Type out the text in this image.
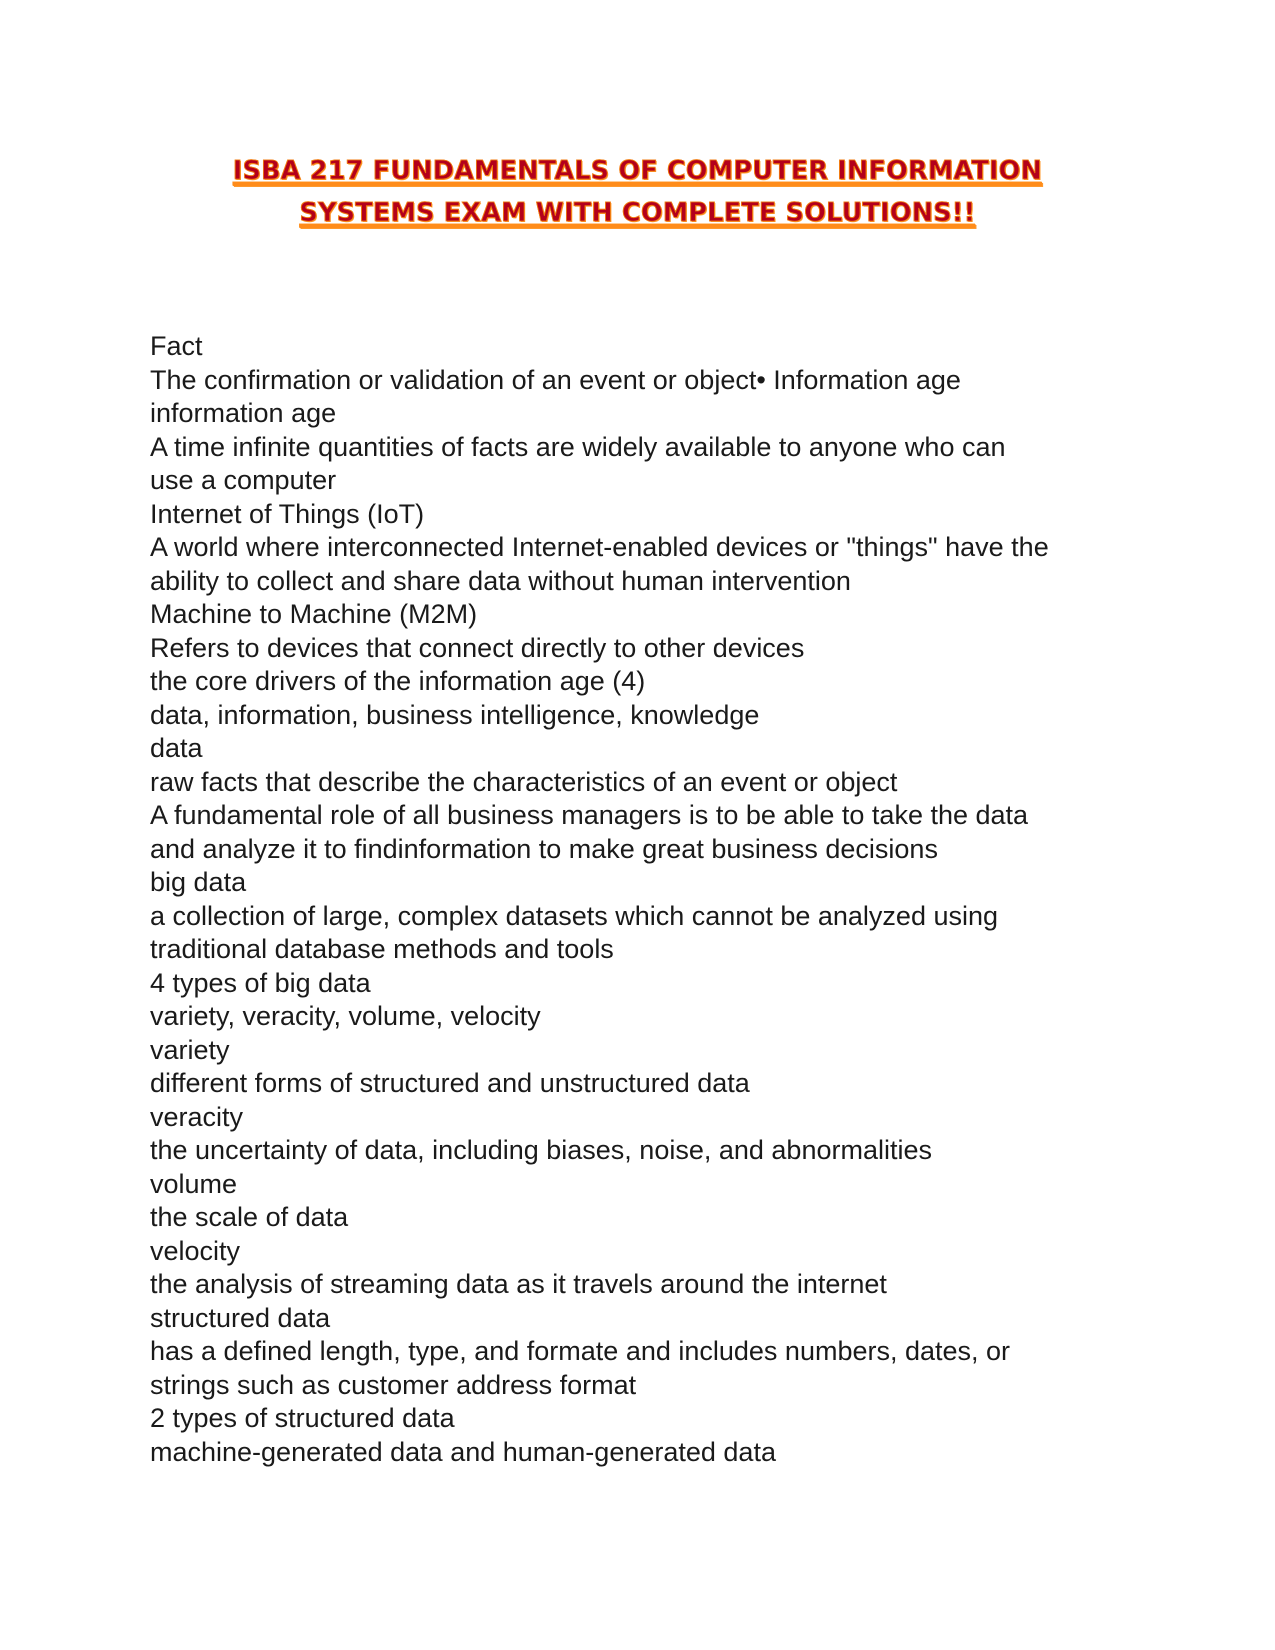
ISBA 217 FUNDAMENTALS OF COMPUTER INFORMATION
SYSTEMS EXAM WITH COMPLETE SOLUTIONS!!
Fact
The confirmation or validation of an event or object• Information age
information age
A time infinite quantities of facts are widely available to anyone who can
use a computer
Internet of Things (IoT)
A world where interconnected Internet-enabled devices or "things" have the
ability to collect and share data without human intervention
Machine to Machine (M2M)
Refers to devices that connect directly to other devices
the core drivers of the information age (4)
data, information, business intelligence, knowledge
data
raw facts that describe the characteristics of an event or object
A fundamental role of all business managers is to be able to take the data
and analyze it to findinformation to make great business decisions
big data
a collection of large, complex datasets which cannot be analyzed using
traditional database methods and tools
4 types of big data
variety, veracity, volume, velocity
variety
different forms of structured and unstructured data
veracity
the uncertainty of data, including biases, noise, and abnormalities
volume
the scale of data
velocity
the analysis of streaming data as it travels around the internet
structured data
has a defined length, type, and formate and includes numbers, dates, or
strings such as customer address format
2 types of structured data
machine-generated data and human-generated data
